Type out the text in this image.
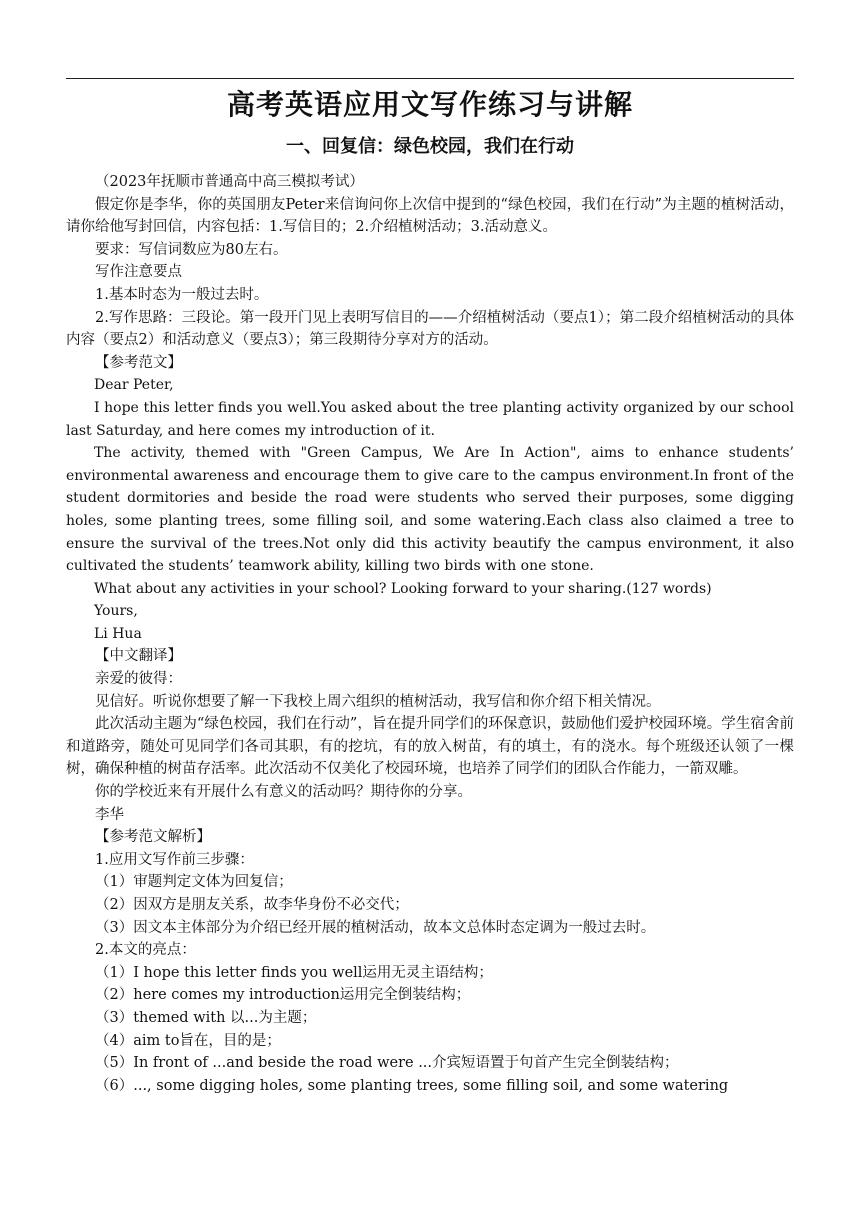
高考英语应用文写作练习与讲解
一、回复信：绿色校园，我们在行动

（2023年抚顺市普通高中高三模拟考试）

假定你是李华，你的英国朋友Peter来信询问你上次信中提到的“绿色校园，我们在行动”为主题的植树活动，请你给他写封回信，内容包括：1.写信目的；2.介绍植树活动；3.活动意义。

要求：写信词数应为80左右。

写作注意要点

1.基本时态为一般过去时。

2.写作思路：三段论。第一段开门见上表明写信目的——介绍植树活动（要点1）；第二段介绍植树活动的具体内容（要点2）和活动意义（要点3）；第三段期待分享对方的活动。

【参考范文】

Dear Peter,

I hope this letter finds you well.You asked about the tree planting activity organized by our school last Saturday, and here comes my introduction of it.

The activity, themed with "Green Campus, We Are In Action", aims to enhance students’ environmental awareness and encourage them to give care to the campus environment.In front of the student dormitories and beside the road were students who served their purposes, some digging holes, some planting trees, some filling soil, and some watering.Each class also claimed a tree to ensure the survival of the trees.Not only did this activity beautify the campus environment, it also cultivated the students’ teamwork ability, killing two birds with one stone.

What about any activities in your school? Looking forward to your sharing.(127 words)

Yours,

Li Hua

【中文翻译】

亲爱的彼得：

见信好。听说你想要了解一下我校上周六组织的植树活动，我写信和你介绍下相关情况。

此次活动主题为“绿色校园，我们在行动”，旨在提升同学们的环保意识，鼓励他们爱护校园环境。学生宿舍前和道路旁，随处可见同学们各司其职，有的挖坑，有的放入树苗，有的填土，有的浇水。每个班级还认领了一棵树，确保种植的树苗存活率。此次活动不仅美化了校园环境，也培养了同学们的团队合作能力，一箭双雕。

你的学校近来有开展什么有意义的活动吗？期待你的分享。

李华

【参考范文解析】

1.应用文写作前三步骤：

（1）审题判定文体为回复信；

（2）因双方是朋友关系，故李华身份不必交代；

（3）因文本主体部分为介绍已经开展的植树活动，故本文总体时态定调为一般过去时。

2.本文的亮点：

（1）I hope this letter finds you well运用无灵主语结构；

（2）here comes my introduction运用完全倒装结构；

（3）themed with 以...为主题；

（4）aim to旨在，目的是；

（5）In front of ...and beside the road were ...介宾短语置于句首产生完全倒装结构；

（6）..., some digging holes, some planting trees, some filling soil, and some watering
